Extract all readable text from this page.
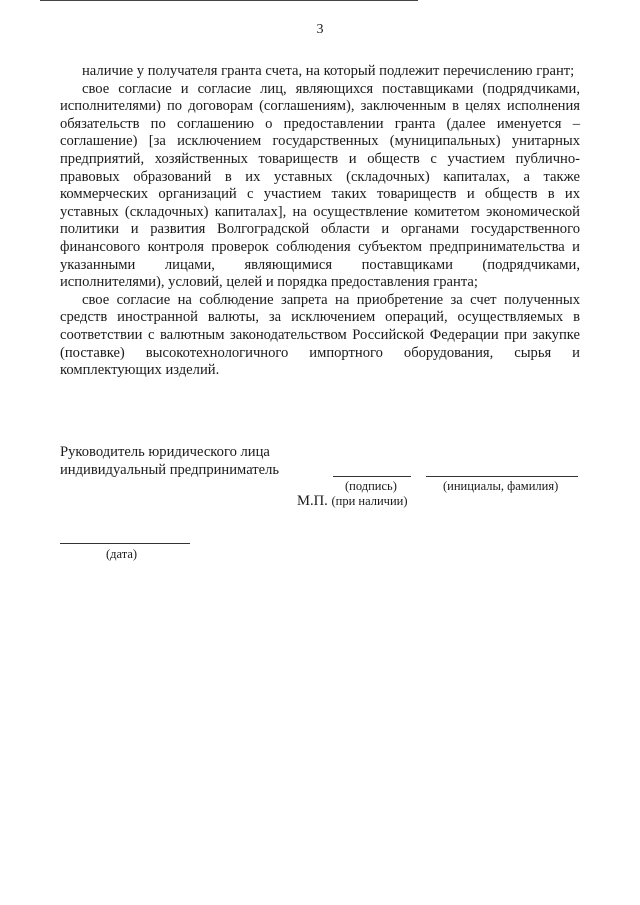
3

наличие у получателя гранта счета, на который подлежит перечислению грант;

свое согласие и согласие лиц, являющихся поставщиками (подрядчиками, исполнителями) по договорам (соглашениям), заключенным в целях исполнения обязательств по соглашению о предоставлении гранта (далее именуется – соглашение) [за исключением государственных (муниципальных) унитарных предприятий, хозяйственных товариществ и обществ с участием публично-правовых образований в их уставных (складочных) капиталах, а также коммерческих организаций с участием таких товариществ и обществ в их уставных (складочных) капиталах], на осуществление комитетом экономической политики и развития Волгоградской области и органами государственного финансового контроля проверок соблюдения субъектом предпринимательства и указанными лицами, являющимися поставщиками (подрядчиками, исполнителями), условий, целей и порядка предоставления гранта;

свое согласие на соблюдение запрета на приобретение за счет полученных средств иностранной валюты, за исключением операций, осуществляемых в соответствии с валютным законодательством Российской Федерации при закупке (поставке) высокотехнологичного импортного оборудования, сырья и комплектующих изделий.

Руководитель юридического лица
индивидуальный предприниматель
(подпись)	(инициалы, фамилия)
М.П. (при наличии)
(дата)
